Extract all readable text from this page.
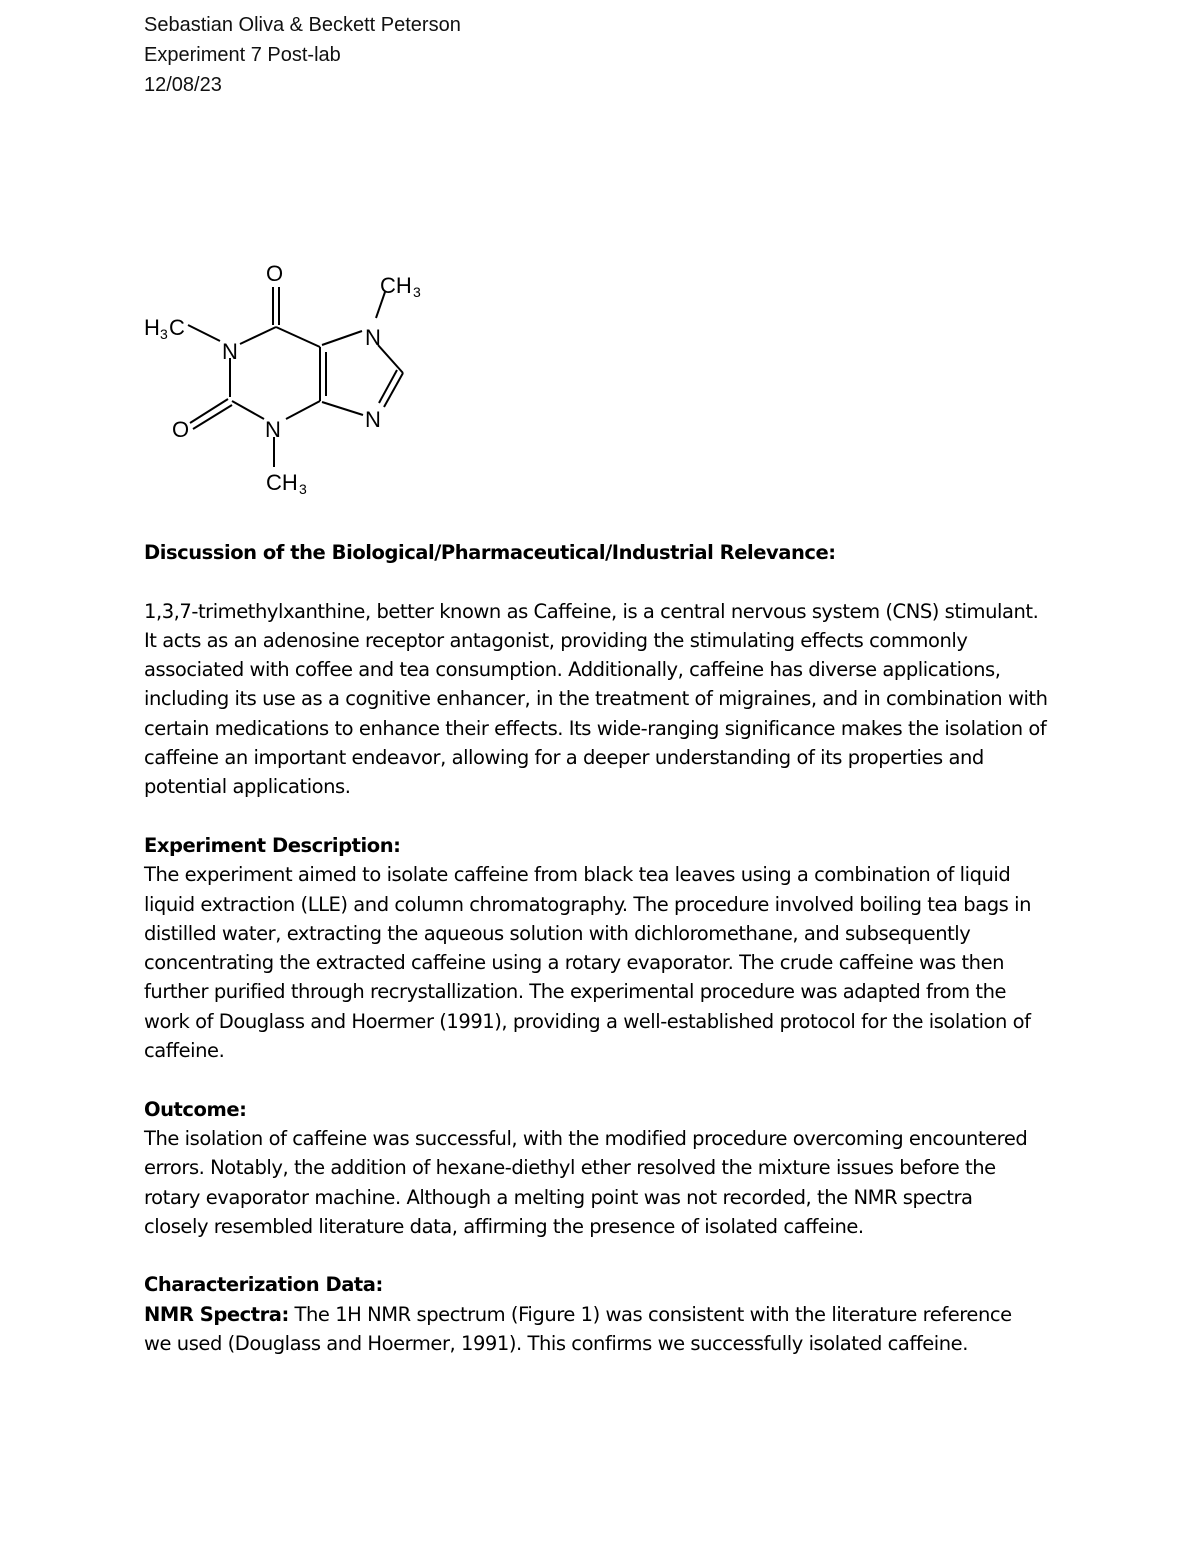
Sebastian Oliva & Beckett Peterson
Experiment 7 Post-lab
12/08/23
O
N
N
N
N
O
H 3 C
CH 3
CH 3

Discussion of the Biological/Pharmaceutical/Industrial Relevance:

1,3,7-trimethylxanthine, better known as Caffeine, is a central nervous system (CNS) stimulant.

It acts as an adenosine receptor antagonist, providing the stimulating effects commonly

associated with coffee and tea consumption. Additionally, caffeine has diverse applications,

including its use as a cognitive enhancer, in the treatment of migraines, and in combination with

certain medications to enhance their effects. Its wide-ranging significance makes the isolation of

caffeine an important endeavor, allowing for a deeper understanding of its properties and

potential applications.

Experiment Description:

The experiment aimed to isolate caffeine from black tea leaves using a combination of liquid

liquid extraction (LLE) and column chromatography. The procedure involved boiling tea bags in

distilled water, extracting the aqueous solution with dichloromethane, and subsequently

concentrating the extracted caffeine using a rotary evaporator. The crude caffeine was then

further purified through recrystallization. The experimental procedure was adapted from the

work of Douglass and Hoermer (1991), providing a well-established protocol for the isolation of

caffeine.

Outcome:

The isolation of caffeine was successful, with the modified procedure overcoming encountered

errors. Notably, the addition of hexane-diethyl ether resolved the mixture issues before the

rotary evaporator machine. Although a melting point was not recorded, the NMR spectra

closely resembled literature data, affirming the presence of isolated caffeine.

Characterization Data:

NMR Spectra: The 1H NMR spectrum (Figure 1) was consistent with the literature reference

we used (Douglass and Hoermer, 1991). This confirms we successfully isolated caffeine.
